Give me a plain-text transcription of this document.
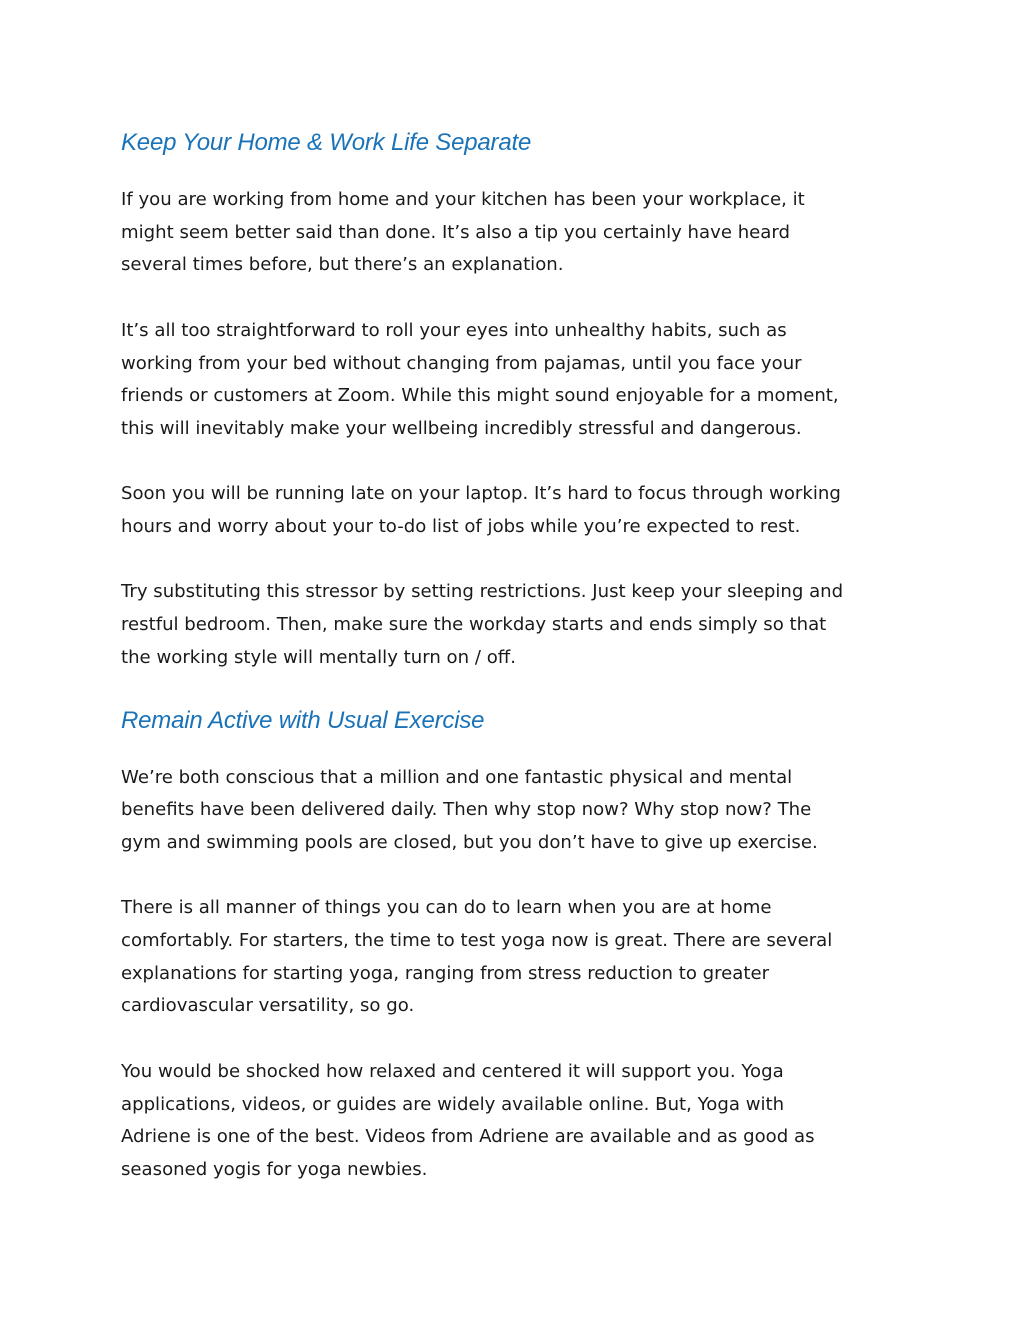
Keep Your Home & Work Life Separate

If you are working from home and your kitchen has been your workplace, it
might seem better said than done. It’s also a tip you certainly have heard
several times before, but there’s an explanation.

It’s all too straightforward to roll your eyes into unhealthy habits, such as
working from your bed without changing from pajamas, until you face your
friends or customers at Zoom. While this might sound enjoyable for a moment,
this will inevitably make your wellbeing incredibly stressful and dangerous.

Soon you will be running late on your laptop. It’s hard to focus through working
hours and worry about your to-do list of jobs while you’re expected to rest.

Try substituting this stressor by setting restrictions. Just keep your sleeping and
restful bedroom. Then, make sure the workday starts and ends simply so that
the working style will mentally turn on / off.

Remain Active with Usual Exercise

We’re both conscious that a million and one fantastic physical and mental
benefits have been delivered daily. Then why stop now? Why stop now? The
gym and swimming pools are closed, but you don’t have to give up exercise.

There is all manner of things you can do to learn when you are at home
comfortably. For starters, the time to test yoga now is great. There are several
explanations for starting yoga, ranging from stress reduction to greater
cardiovascular versatility, so go.

You would be shocked how relaxed and centered it will support you. Yoga
applications, videos, or guides are widely available online. But, Yoga with
Adriene is one of the best. Videos from Adriene are available and as good as
seasoned yogis for yoga newbies.
